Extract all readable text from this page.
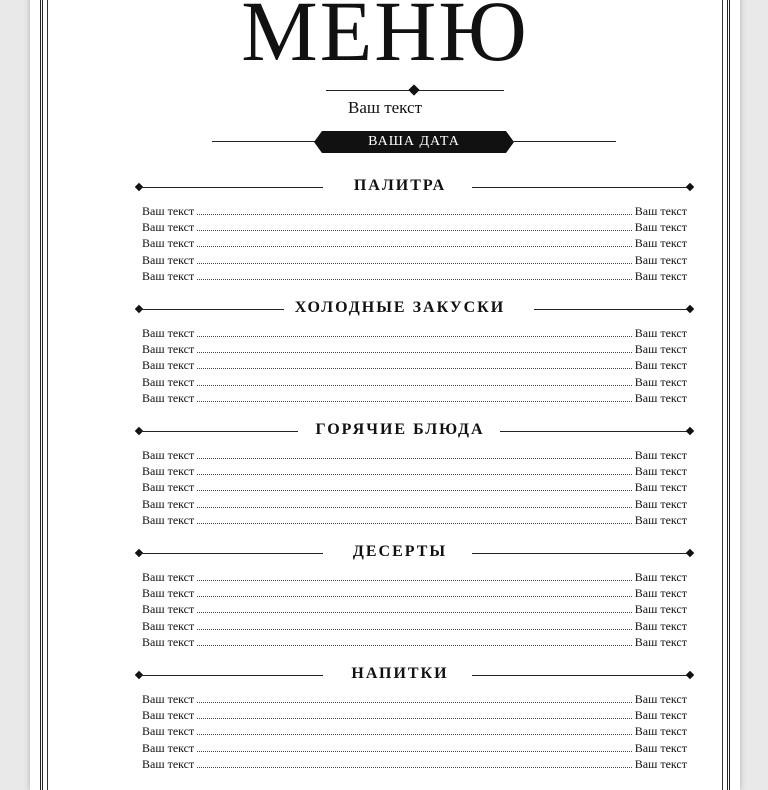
МЕНЮ
Ваш текст
ВАША ДАТА
ПАЛИТРА
Ваш текст	Ваш текст
Ваш текст	Ваш текст
Ваш текст	Ваш текст
Ваш текст	Ваш текст
Ваш текст	Ваш текст
ХОЛОДНЫЕ ЗАКУСКИ
Ваш текст	Ваш текст
Ваш текст	Ваш текст
Ваш текст	Ваш текст
Ваш текст	Ваш текст
Ваш текст	Ваш текст
ГОРЯЧИЕ БЛЮДА
Ваш текст	Ваш текст
Ваш текст	Ваш текст
Ваш текст	Ваш текст
Ваш текст	Ваш текст
Ваш текст	Ваш текст
ДЕСЕРТЫ
Ваш текст	Ваш текст
Ваш текст	Ваш текст
Ваш текст	Ваш текст
Ваш текст	Ваш текст
Ваш текст	Ваш текст
НАПИТКИ
Ваш текст	Ваш текст
Ваш текст	Ваш текст
Ваш текст	Ваш текст
Ваш текст	Ваш текст
Ваш текст	Ваш текст
